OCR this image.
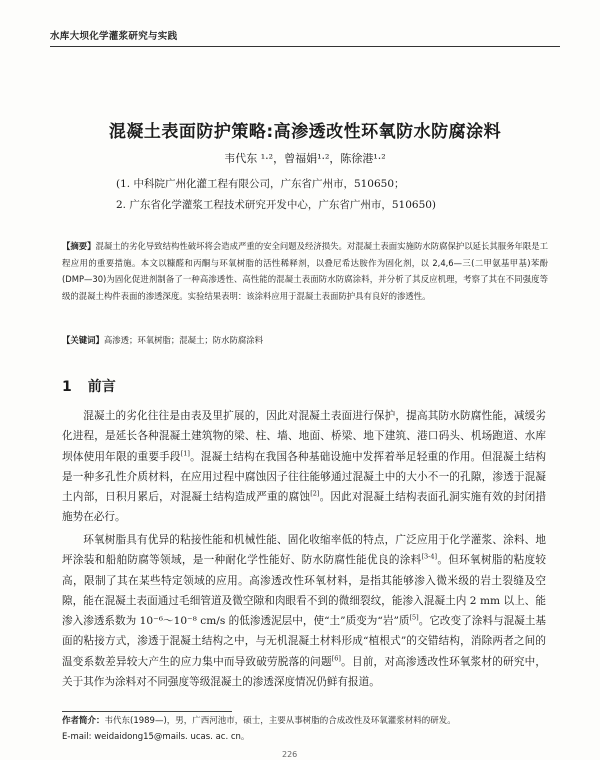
水库大坝化学灌浆研究与实践
混凝土表面防护策略:高渗透改性环氧防水防腐涂料
韦代东 ¹·²，曾福娟¹·²，陈徐港¹·²
(1. 中科院广州化灌工程有限公司，广东省广州市，510650；
2. 广东省化学灌浆工程技术研究开发中心，广东省广州市，510650)
【摘要】混凝土的劣化导致结构性破坏将会造成严重的安全问题及经济损失。对混凝土表面实施防水防腐保护以延长其服务年限是工程应用的重要措施。本文以糠醛和丙酮与环氧树脂的活性稀释剂，以叠尼希达胺作为固化剂，以 2,4,6—三(二甲氨基甲基)苯酚(DMP—30)为固化促进剂制备了一种高渗透性、高性能的混凝土表面防水防腐涂料，并分析了其反应机理，考察了其在不同强度等级的混凝土构件表面的渗透深度。实验结果表明：该涂料应用于混凝土表面防护具有良好的渗透性。
【关键词】高渗透；环氧树脂；混凝土；防水防腐涂料
1 前言
混凝土的劣化往往是由表及里扩展的，因此对混凝土表面进行保护，提高其防水防腐性能，减缓劣化进程，是延长各种混凝土建筑物的梁、柱、墙、地面、桥梁、地下建筑、港口码头、机场跑道、水库坝体使用年限的重要手段[1]。混凝土结构在我国各种基础设施中发挥着举足轻重的作用。但混凝土结构是一种多孔性介质材料，在应用过程中腐蚀因子往往能够通过混凝土中的大小不一的孔隙，渗透于混凝土内部，日积月累后，对混凝土结构造成严重的腐蚀[2]。因此对混凝土结构表面孔洞实施有效的封闭措施势在必行。
环氧树脂具有优异的粘接性能和机械性能、固化收缩率低的特点，广泛应用于化学灌浆、涂料、地坪涂装和船舶防腐等领域，是一种耐化学性能好、防水防腐性能优良的涂料[3-4]。但环氧树脂的粘度较高，限制了其在某些特定领域的应用。高渗透改性环氧材料，是指其能够渗入微米级的岩土裂缝及空隙，能在混凝土表面通过毛细管道及微空隙和肉眼看不到的微细裂纹，能渗入混凝土内 2 mm 以上、能渗入渗透系数为 10⁻⁶～10⁻⁸ cm/s 的低渗透泥层中，使“土”质变为“岩”质[5]。它改变了涂料与混凝土基面的粘接方式，渗透于混凝土结构之中，与无机混凝土材料形成“植根式”的交错结构，消除两者之间的温变系数差异较大产生的应力集中而导致破劳脱落的问题[6]。目前，对高渗透改性环氧浆材的研究中，关于其作为涂料对不同强度等级混凝土的渗透深度情况仍鲜有报道。
作者简介：韦代东(1989—)，男，广西河池市，硕士，主要从事树脂的合成改性及环氧灌浆材料的研发。
E-mail: weidaidong15@mails. ucas. ac. cn。
226
